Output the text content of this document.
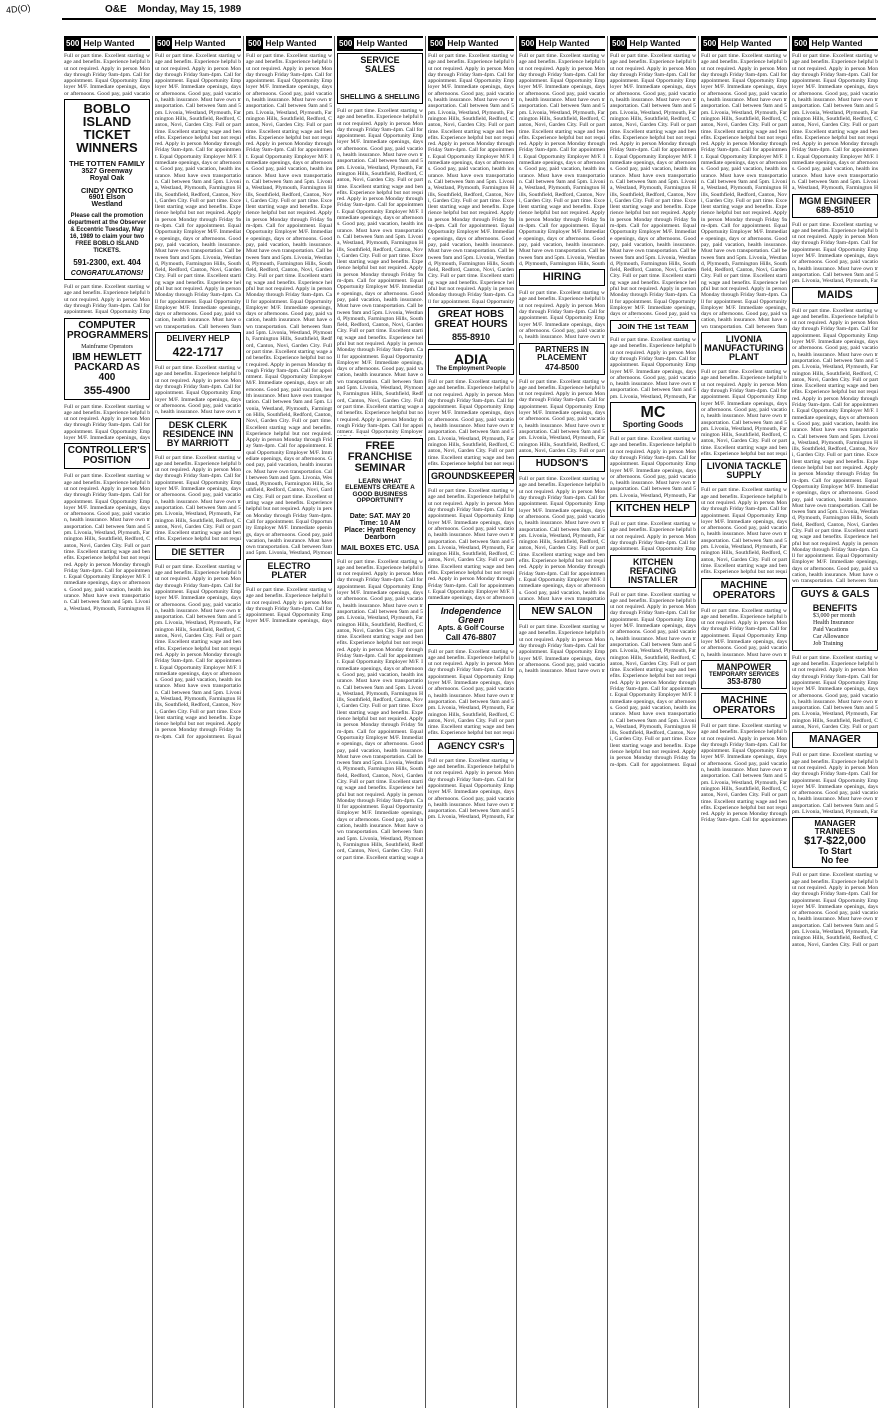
4D(O)	O&E Monday, May 15, 1989
500 Help Wanted
Full or part time. Excellent starting wage and benefits. Experience helpful but not required. Apply in person Monday through Friday 9am-4pm. Call for appointment. Equal Opportunity Employer M/F. Immediate openings, days or afternoons. Good pay, paid vacatio
BOBLO
ISLAND
TICKET
WINNERS
THE TOTTEN FAMILY
3527 Greenway
Royal Oak
CINDY ONTKO
6901 Elson
Westland
Please call the promotion department at the Observer & Eccentric Tuesday, May 16, 1989 to claim your two FREE BOBLO ISLAND TICKETS.
591-2300, ext. 404
CONGRATULATIONS!
Full or part time. Excellent starting wage and benefits. Experience helpful but not required. Apply in person Monday through Friday 9am-4pm. Call for appointment. Equal Opportunity Emp
COMPUTER PROGRAMMERS
Mainframe Operators
IBM HEWLETT PACKARD AS 400
355-4900
Full or part time. Excellent starting wage and benefits. Experience helpful but not required. Apply in person Monday through Friday 9am-4pm. Call for appointment. Equal Opportunity Employer M/F. Immediate openings, days
CONTROLLER'S POSITION
Full or part time. Excellent starting wage and benefits. Experience helpful but not required. Apply in person Monday through Friday 9am-4pm. Call for appointment. Equal Opportunity Employer M/F. Immediate openings, days or afternoons. Good pay, paid vacation, health insurance. Must have own transportation. Call between 9am and 5pm. Livonia, Westland, Plymouth, Farmington Hills, Southfield, Redford, Canton, Novi, Garden City. Full or part time. Excellent starting wage and benefits. Experience helpful but not required. Apply in person Monday through Friday 9am-4pm. Call for appointment. Equal Opportunity Employer M/F. Immediate openings, days or afternoons. Good pay, paid vacation, health insurance. Must have own transportation. Call between 9am and 5pm. Livonia, Westland, Plymouth, Farmington H
500 Help Wanted
Full or part time. Excellent starting wage and benefits. Experience helpful but not required. Apply in person Monday through Friday 9am-4pm. Call for appointment. Equal Opportunity Employer M/F. Immediate openings, days or afternoons. Good pay, paid vacation, health insurance. Must have own transportation. Call between 9am and 5pm. Livonia, Westland, Plymouth, Farmington Hills, Southfield, Redford, Canton, Novi, Garden City. Full or part time. Excellent starting wage and benefits. Experience helpful but not required. Apply in person Monday through Friday 9am-4pm. Call for appointment. Equal Opportunity Employer M/F. Immediate openings, days or afternoons. Good pay, paid vacation, health insurance. Must have own transportation. Call between 9am and 5pm. Livonia, Westland, Plymouth, Farmington Hills, Southfield, Redford, Canton, Novi, Garden City. Full or part time. Excellent starting wage and benefits. Experience helpful but not required. Apply in person Monday through Friday 9am-4pm. Call for appointment. Equal Opportunity Employer M/F. Immediate openings, days or afternoons. Good pay, paid vacation, health insurance. Must have own transportation. Call between 9am and 5pm. Livonia, Westland, Plymouth, Farmington Hills, Southfield, Redford, Canton, Novi, Garden City. Full or part time. Excellent starting wage and benefits. Experience helpful but not required. Apply in person Monday through Friday 9am-4pm. Call for appointment. Equal Opportunity Employer M/F. Immediate openings, days or afternoons. Good pay, paid vacation, health insurance. Must have own transportation. Call between 9am
DELIVERY HELP
422-1717
Full or part time. Excellent starting wage and benefits. Experience helpful but not required. Apply in person Monday through Friday 9am-4pm. Call for appointment. Equal Opportunity Employer M/F. Immediate openings, days or afternoons. Good pay, paid vacation, health insurance. Must have own tr
DESK CLERK RESIDENCE INN BY MARRIOTT
Full or part time. Excellent starting wage and benefits. Experience helpful but not required. Apply in person Monday through Friday 9am-4pm. Call for appointment. Equal Opportunity Employer M/F. Immediate openings, days or afternoons. Good pay, paid vacation, health insurance. Must have own transportation. Call between 9am and 5pm. Livonia, Westland, Plymouth, Farmington Hills, Southfield, Redford, Canton, Novi, Garden City. Full or part time. Excellent starting wage and benefits. Experience helpful but not requi
DIE SETTER
Full or part time. Excellent starting wage and benefits. Experience helpful but not required. Apply in person Monday through Friday 9am-4pm. Call for appointment. Equal Opportunity Employer M/F. Immediate openings, days or afternoons. Good pay, paid vacation, health insurance. Must have own transportation. Call between 9am and 5pm. Livonia, Westland, Plymouth, Farmington Hills, Southfield, Redford, Canton, Novi, Garden City. Full or part time. Excellent starting wage and benefits. Experience helpful but not required. Apply in person Monday through Friday 9am-4pm. Call for appointment. Equal Opportunity Employer M/F. Immediate openings, days or afternoons. Good pay, paid vacation, health insurance. Must have own transportation. Call between 9am and 5pm. Livonia, Westland, Plymouth, Farmington Hills, Southfield, Redford, Canton, Novi, Garden City. Full or part time. Excellent starting wage and benefits. Experience helpful but not required. Apply in person Monday through Friday 9am-4pm. Call for appointment. Equal
500 Help Wanted
Full or part time. Excellent starting wage and benefits. Experience helpful but not required. Apply in person Monday through Friday 9am-4pm. Call for appointment. Equal Opportunity Employer M/F. Immediate openings, days or afternoons. Good pay, paid vacation, health insurance. Must have own transportation. Call between 9am and 5pm. Livonia, Westland, Plymouth, Farmington Hills, Southfield, Redford, Canton, Novi, Garden City. Full or part time. Excellent starting wage and benefits. Experience helpful but not required. Apply in person Monday through Friday 9am-4pm. Call for appointment. Equal Opportunity Employer M/F. Immediate openings, days or afternoons. Good pay, paid vacation, health insurance. Must have own transportation. Call between 9am and 5pm. Livonia, Westland, Plymouth, Farmington Hills, Southfield, Redford, Canton, Novi, Garden City. Full or part time. Excellent starting wage and benefits. Experience helpful but not required. Apply in person Monday through Friday 9am-4pm. Call for appointment. Equal Opportunity Employer M/F. Immediate openings, days or afternoons. Good pay, paid vacation, health insurance. Must have own transportation. Call between 9am and 5pm. Livonia, Westland, Plymouth, Farmington Hills, Southfield, Redford, Canton, Novi, Garden City. Full or part time. Excellent starting wage and benefits. Experience helpful but not required. Apply in person Monday through Friday 9am-4pm. Call for appointment. Equal Opportunity Employer M/F. Immediate openings, days or afternoons. Good pay, paid vacation, health insurance. Must have own transportation. Call between 9am and 5pm. Livonia, Westland, Plymouth, Farmington Hills, Southfield, Redford, Canton, Novi, Garden City. Full or part time. Excellent starting wage and benefits. Experience helpful but not required. Apply in person Monday through Friday 9am-4pm. Call for appointment. Equal Opportunity Employer M/F. Immediate openings, days or afternoons. Good pay, paid vacation, health insurance. Must have own transportation. Call between 9am and 5pm. Livonia, Westland, Plymouth, Farmington Hills, Southfield, Redford, Canton, Novi, Garden City. Full or part time. Excellent starting wage and benefits. Experience helpful but not required. Apply in person Monday through Friday 9am-4pm. Call for appointment. Equal Opportunity Employer M/F. Immediate openings, days or afternoons. Good pay, paid vacation, health insurance. Must have own transportation. Call between 9am and 5pm. Livonia, Westland, Plymouth, Farmington Hills, Southfield, Redford, Canton, Novi, Garden City. Full or part time. Excellent starting wage and benefits. Experience helpful but not required. Apply in person Monday through Friday 9am-4pm. Call for appointment. Equal Opportunity Employer M/F. Immediate openings, days or afternoons. Good pay, paid vacation, health insurance. Must have own transportation. Call between 9am and 5pm. Livonia, Westland, Plymout
ELECTRO PLATER
Full or part time. Excellent starting wage and benefits. Experience helpful but not required. Apply in person Monday through Friday 9am-4pm. Call for appointment. Equal Opportunity Employer M/F. Immediate openings, days
500 Help Wanted
SERVICE
SALES
SHELLING & SHELLING
Full or part time. Excellent starting wage and benefits. Experience helpful but not required. Apply in person Monday through Friday 9am-4pm. Call for appointment. Equal Opportunity Employer M/F. Immediate openings, days or afternoons. Good pay, paid vacation, health insurance. Must have own transportation. Call between 9am and 5pm. Livonia, Westland, Plymouth, Farmington Hills, Southfield, Redford, Canton, Novi, Garden City. Full or part time. Excellent starting wage and benefits. Experience helpful but not required. Apply in person Monday through Friday 9am-4pm. Call for appointment. Equal Opportunity Employer M/F. Immediate openings, days or afternoons. Good pay, paid vacation, health insurance. Must have own transportation. Call between 9am and 5pm. Livonia, Westland, Plymouth, Farmington Hills, Southfield, Redford, Canton, Novi, Garden City. Full or part time. Excellent starting wage and benefits. Experience helpful but not required. Apply in person Monday through Friday 9am-4pm. Call for appointment. Equal Opportunity Employer M/F. Immediate openings, days or afternoons. Good pay, paid vacation, health insurance. Must have own transportation. Call between 9am and 5pm. Livonia, Westland, Plymouth, Farmington Hills, Southfield, Redford, Canton, Novi, Garden City. Full or part time. Excellent starting wage and benefits. Experience helpful but not required. Apply in person Monday through Friday 9am-4pm. Call for appointment. Equal Opportunity Employer M/F. Immediate openings, days or afternoons. Good pay, paid vacation, health insurance. Must have own transportation. Call between 9am and 5pm. Livonia, Westland, Plymouth, Farmington Hills, Southfield, Redford, Canton, Novi, Garden City. Full or part time. Excellent starting wage and benefits. Experience helpful but not required. Apply in person Monday through Friday 9am-4pm. Call for appointment. Equal Opportunity Employer
FREE
FRANCHISE
SEMINAR
LEARN WHAT ELEMENTS CREATE A GOOD BUSINESS OPPORTUNITY
Date: SAT. MAY 20
Time: 10 AM
Place: Hyatt Regency Dearborn
MAIL BOXES ETC. USA
Full or part time. Excellent starting wage and benefits. Experience helpful but not required. Apply in person Monday through Friday 9am-4pm. Call for appointment. Equal Opportunity Employer M/F. Immediate openings, days or afternoons. Good pay, paid vacation, health insurance. Must have own transportation. Call between 9am and 5pm. Livonia, Westland, Plymouth, Farmington Hills, Southfield, Redford, Canton, Novi, Garden City. Full or part time. Excellent starting wage and benefits. Experience helpful but not required. Apply in person Monday through Friday 9am-4pm. Call for appointment. Equal Opportunity Employer M/F. Immediate openings, days or afternoons. Good pay, paid vacation, health insurance. Must have own transportation. Call between 9am and 5pm. Livonia, Westland, Plymouth, Farmington Hills, Southfield, Redford, Canton, Novi, Garden City. Full or part time. Excellent starting wage and benefits. Experience helpful but not required. Apply in person Monday through Friday 9am-4pm. Call for appointment. Equal Opportunity Employer M/F. Immediate openings, days or afternoons. Good pay, paid vacation, health insurance. Must have own transportation. Call between 9am and 5pm. Livonia, Westland, Plymouth, Farmington Hills, Southfield, Redford, Canton, Novi, Garden City. Full or part time. Excellent starting wage and benefits. Experience helpful but not required. Apply in person Monday through Friday 9am-4pm. Call for appointment. Equal Opportunity Employer M/F. Immediate openings, days or afternoons. Good pay, paid vacation, health insurance. Must have own transportation. Call between 9am and 5pm. Livonia, Westland, Plymouth, Farmington Hills, Southfield, Redford, Canton, Novi, Garden City. Full or part time. Excellent starting wage a
500 Help Wanted
Full or part time. Excellent starting wage and benefits. Experience helpful but not required. Apply in person Monday through Friday 9am-4pm. Call for appointment. Equal Opportunity Employer M/F. Immediate openings, days or afternoons. Good pay, paid vacation, health insurance. Must have own transportation. Call between 9am and 5pm. Livonia, Westland, Plymouth, Farmington Hills, Southfield, Redford, Canton, Novi, Garden City. Full or part time. Excellent starting wage and benefits. Experience helpful but not required. Apply in person Monday through Friday 9am-4pm. Call for appointment. Equal Opportunity Employer M/F. Immediate openings, days or afternoons. Good pay, paid vacation, health insurance. Must have own transportation. Call between 9am and 5pm. Livonia, Westland, Plymouth, Farmington Hills, Southfield, Redford, Canton, Novi, Garden City. Full or part time. Excellent starting wage and benefits. Experience helpful but not required. Apply in person Monday through Friday 9am-4pm. Call for appointment. Equal Opportunity Employer M/F. Immediate openings, days or afternoons. Good pay, paid vacation, health insurance. Must have own transportation. Call between 9am and 5pm. Livonia, Westland, Plymouth, Farmington Hills, Southfield, Redford, Canton, Novi, Garden City. Full or part time. Excellent starting wage and benefits. Experience helpful but not required. Apply in person Monday through Friday 9am-4pm. Call for appointment. Equal Opportunity
GREAT HOBS GREAT HOURS
855-8910
ADIA
The Employment People
Full or part time. Excellent starting wage and benefits. Experience helpful but not required. Apply in person Monday through Friday 9am-4pm. Call for appointment. Equal Opportunity Employer M/F. Immediate openings, days or afternoons. Good pay, paid vacation, health insurance. Must have own transportation. Call between 9am and 5pm. Livonia, Westland, Plymouth, Farmington Hills, Southfield, Redford, Canton, Novi, Garden City. Full or part time. Excellent starting wage and benefits. Experience helpful but not requi
GROUNDSKEEPER
Full or part time. Excellent starting wage and benefits. Experience helpful but not required. Apply in person Monday through Friday 9am-4pm. Call for appointment. Equal Opportunity Employer M/F. Immediate openings, days or afternoons. Good pay, paid vacation, health insurance. Must have own transportation. Call between 9am and 5pm. Livonia, Westland, Plymouth, Farmington Hills, Southfield, Redford, Canton, Novi, Garden City. Full or part time. Excellent starting wage and benefits. Experience helpful but not required. Apply in person Monday through Friday 9am-4pm. Call for appointment. Equal Opportunity Employer M/F. Immediate openings, days or afternoon
Independence Green
Apts. & Golf Course
Call 476-8807
Full or part time. Excellent starting wage and benefits. Experience helpful but not required. Apply in person Monday through Friday 9am-4pm. Call for appointment. Equal Opportunity Employer M/F. Immediate openings, days or afternoons. Good pay, paid vacation, health insurance. Must have own transportation. Call between 9am and 5pm. Livonia, Westland, Plymouth, Farmington Hills, Southfield, Redford, Canton, Novi, Garden City. Full or part time. Excellent starting wage and benefits. Experience helpful but not requi
AGENCY CSR's
Full or part time. Excellent starting wage and benefits. Experience helpful but not required. Apply in person Monday through Friday 9am-4pm. Call for appointment. Equal Opportunity Employer M/F. Immediate openings, days or afternoons. Good pay, paid vacation, health insurance. Must have own transportation. Call between 9am and 5pm. Livonia, Westland, Plymouth, Far
500 Help Wanted
Full or part time. Excellent starting wage and benefits. Experience helpful but not required. Apply in person Monday through Friday 9am-4pm. Call for appointment. Equal Opportunity Employer M/F. Immediate openings, days or afternoons. Good pay, paid vacation, health insurance. Must have own transportation. Call between 9am and 5pm. Livonia, Westland, Plymouth, Farmington Hills, Southfield, Redford, Canton, Novi, Garden City. Full or part time. Excellent starting wage and benefits. Experience helpful but not required. Apply in person Monday through Friday 9am-4pm. Call for appointment. Equal Opportunity Employer M/F. Immediate openings, days or afternoons. Good pay, paid vacation, health insurance. Must have own transportation. Call between 9am and 5pm. Livonia, Westland, Plymouth, Farmington Hills, Southfield, Redford, Canton, Novi, Garden City. Full or part time. Excellent starting wage and benefits. Experience helpful but not required. Apply in person Monday through Friday 9am-4pm. Call for appointment. Equal Opportunity Employer M/F. Immediate openings, days or afternoons. Good pay, paid vacation, health insurance. Must have own transportation. Call between 9am and 5pm. Livonia, Westland, Plymouth, Farmington Hills, South
HIRING
Full or part time. Excellent starting wage and benefits. Experience helpful but not required. Apply in person Monday through Friday 9am-4pm. Call for appointment. Equal Opportunity Employer M/F. Immediate openings, days or afternoons. Good pay, paid vacation, health insurance. Must have own tr
PARTNERS IN PLACEMENT
474-8500
Full or part time. Excellent starting wage and benefits. Experience helpful but not required. Apply in person Monday through Friday 9am-4pm. Call for appointment. Equal Opportunity Employer M/F. Immediate openings, days or afternoons. Good pay, paid vacation, health insurance. Must have own transportation. Call between 9am and 5pm. Livonia, Westland, Plymouth, Farmington Hills, Southfield, Redford, Canton, Novi, Garden City. Full or part
HUDSON'S
Full or part time. Excellent starting wage and benefits. Experience helpful but not required. Apply in person Monday through Friday 9am-4pm. Call for appointment. Equal Opportunity Employer M/F. Immediate openings, days or afternoons. Good pay, paid vacation, health insurance. Must have own transportation. Call between 9am and 5pm. Livonia, Westland, Plymouth, Farmington Hills, Southfield, Redford, Canton, Novi, Garden City. Full or part time. Excellent starting wage and benefits. Experience helpful but not required. Apply in person Monday through Friday 9am-4pm. Call for appointment. Equal Opportunity Employer M/F. Immediate openings, days or afternoons. Good pay, paid vacation, health insurance. Must have own transportatio
NEW SALON
Full or part time. Excellent starting wage and benefits. Experience helpful but not required. Apply in person Monday through Friday 9am-4pm. Call for appointment. Equal Opportunity Employer M/F. Immediate openings, days or afternoons. Good pay, paid vacation, health insurance. Must have own tr
500 Help Wanted
Full or part time. Excellent starting wage and benefits. Experience helpful but not required. Apply in person Monday through Friday 9am-4pm. Call for appointment. Equal Opportunity Employer M/F. Immediate openings, days or afternoons. Good pay, paid vacation, health insurance. Must have own transportation. Call between 9am and 5pm. Livonia, Westland, Plymouth, Farmington Hills, Southfield, Redford, Canton, Novi, Garden City. Full or part time. Excellent starting wage and benefits. Experience helpful but not required. Apply in person Monday through Friday 9am-4pm. Call for appointment. Equal Opportunity Employer M/F. Immediate openings, days or afternoons. Good pay, paid vacation, health insurance. Must have own transportation. Call between 9am and 5pm. Livonia, Westland, Plymouth, Farmington Hills, Southfield, Redford, Canton, Novi, Garden City. Full or part time. Excellent starting wage and benefits. Experience helpful but not required. Apply in person Monday through Friday 9am-4pm. Call for appointment. Equal Opportunity Employer M/F. Immediate openings, days or afternoons. Good pay, paid vacation, health insurance. Must have own transportation. Call between 9am and 5pm. Livonia, Westland, Plymouth, Farmington Hills, Southfield, Redford, Canton, Novi, Garden City. Full or part time. Excellent starting wage and benefits. Experience helpful but not required. Apply in person Monday through Friday 9am-4pm. Call for appointment. Equal Opportunity Employer M/F. Immediate openings, days or afternoons. Good pay, paid va
JOIN THE 1st TEAM
Full or part time. Excellent starting wage and benefits. Experience helpful but not required. Apply in person Monday through Friday 9am-4pm. Call for appointment. Equal Opportunity Employer M/F. Immediate openings, days or afternoons. Good pay, paid vacation, health insurance. Must have own transportation. Call between 9am and 5pm. Livonia, Westland, Plymouth, Far
MC
Sporting Goods
Full or part time. Excellent starting wage and benefits. Experience helpful but not required. Apply in person Monday through Friday 9am-4pm. Call for appointment. Equal Opportunity Employer M/F. Immediate openings, days or afternoons. Good pay, paid vacation, health insurance. Must have own transportation. Call between 9am and 5pm. Livonia, Westland, Plymouth, Far
KITCHEN HELP
Full or part time. Excellent starting wage and benefits. Experience helpful but not required. Apply in person Monday through Friday 9am-4pm. Call for appointment. Equal Opportunity Emp
KITCHEN REFACING INSTALLER
Full or part time. Excellent starting wage and benefits. Experience helpful but not required. Apply in person Monday through Friday 9am-4pm. Call for appointment. Equal Opportunity Employer M/F. Immediate openings, days or afternoons. Good pay, paid vacation, health insurance. Must have own transportation. Call between 9am and 5pm. Livonia, Westland, Plymouth, Farmington Hills, Southfield, Redford, Canton, Novi, Garden City. Full or part time. Excellent starting wage and benefits. Experience helpful but not required. Apply in person Monday through Friday 9am-4pm. Call for appointment. Equal Opportunity Employer M/F. Immediate openings, days or afternoons. Good pay, paid vacation, health insurance. Must have own transportation. Call between 9am and 5pm. Livonia, Westland, Plymouth, Farmington Hills, Southfield, Redford, Canton, Novi, Garden City. Full or part time. Excellent starting wage and benefits. Experience helpful but not required. Apply in person Monday through Friday 9am-4pm. Call for appointment. Equal
500 Help Wanted
Full or part time. Excellent starting wage and benefits. Experience helpful but not required. Apply in person Monday through Friday 9am-4pm. Call for appointment. Equal Opportunity Employer M/F. Immediate openings, days or afternoons. Good pay, paid vacation, health insurance. Must have own transportation. Call between 9am and 5pm. Livonia, Westland, Plymouth, Farmington Hills, Southfield, Redford, Canton, Novi, Garden City. Full or part time. Excellent starting wage and benefits. Experience helpful but not required. Apply in person Monday through Friday 9am-4pm. Call for appointment. Equal Opportunity Employer M/F. Immediate openings, days or afternoons. Good pay, paid vacation, health insurance. Must have own transportation. Call between 9am and 5pm. Livonia, Westland, Plymouth, Farmington Hills, Southfield, Redford, Canton, Novi, Garden City. Full or part time. Excellent starting wage and benefits. Experience helpful but not required. Apply in person Monday through Friday 9am-4pm. Call for appointment. Equal Opportunity Employer M/F. Immediate openings, days or afternoons. Good pay, paid vacation, health insurance. Must have own transportation. Call between 9am and 5pm. Livonia, Westland, Plymouth, Farmington Hills, Southfield, Redford, Canton, Novi, Garden City. Full or part time. Excellent starting wage and benefits. Experience helpful but not required. Apply in person Monday through Friday 9am-4pm. Call for appointment. Equal Opportunity Employer M/F. Immediate openings, days or afternoons. Good pay, paid vacation, health insurance. Must have own transportation. Call between 9am
LIVONIA MANUFACTURING PLANT
Full or part time. Excellent starting wage and benefits. Experience helpful but not required. Apply in person Monday through Friday 9am-4pm. Call for appointment. Equal Opportunity Employer M/F. Immediate openings, days or afternoons. Good pay, paid vacation, health insurance. Must have own transportation. Call between 9am and 5pm. Livonia, Westland, Plymouth, Farmington Hills, Southfield, Redford, Canton, Novi, Garden City. Full or part time. Excellent starting wage and benefits. Experience helpful but not requi
LIVONIA TACKLE SUPPLY
Full or part time. Excellent starting wage and benefits. Experience helpful but not required. Apply in person Monday through Friday 9am-4pm. Call for appointment. Equal Opportunity Employer M/F. Immediate openings, days or afternoons. Good pay, paid vacation, health insurance. Must have own transportation. Call between 9am and 5pm. Livonia, Westland, Plymouth, Farmington Hills, Southfield, Redford, Canton, Novi, Garden City. Full or part time. Excellent starting wage and benefits. Experience helpful but not requi
MACHINE OPERATORS
Full or part time. Excellent starting wage and benefits. Experience helpful but not required. Apply in person Monday through Friday 9am-4pm. Call for appointment. Equal Opportunity Employer M/F. Immediate openings, days or afternoons. Good pay, paid vacation, health insurance. Must have own tr
MANPOWER
TEMPORARY SERVICES
353-8780
MACHINE OPERATORS
Full or part time. Excellent starting wage and benefits. Experience helpful but not required. Apply in person Monday through Friday 9am-4pm. Call for appointment. Equal Opportunity Employer M/F. Immediate openings, days or afternoons. Good pay, paid vacation, health insurance. Must have own transportation. Call between 9am and 5pm. Livonia, Westland, Plymouth, Farmington Hills, Southfield, Redford, Canton, Novi, Garden City. Full or part time. Excellent starting wage and benefits. Experience helpful but not required. Apply in person Monday through Friday 9am-4pm. Call for appointmen
500 Help Wanted
Full or part time. Excellent starting wage and benefits. Experience helpful but not required. Apply in person Monday through Friday 9am-4pm. Call for appointment. Equal Opportunity Employer M/F. Immediate openings, days or afternoons. Good pay, paid vacation, health insurance. Must have own transportation. Call between 9am and 5pm. Livonia, Westland, Plymouth, Farmington Hills, Southfield, Redford, Canton, Novi, Garden City. Full or part time. Excellent starting wage and benefits. Experience helpful but not required. Apply in person Monday through Friday 9am-4pm. Call for appointment. Equal Opportunity Employer M/F. Immediate openings, days or afternoons. Good pay, paid vacation, health insurance. Must have own transportation. Call between 9am and 5pm. Livonia, Westland, Plymouth, Farmington H
MGM ENGINEER
689-8510
Full or part time. Excellent starting wage and benefits. Experience helpful but not required. Apply in person Monday through Friday 9am-4pm. Call for appointment. Equal Opportunity Employer M/F. Immediate openings, days or afternoons. Good pay, paid vacation, health insurance. Must have own transportation. Call between 9am and 5pm. Livonia, Westland, Plymouth, Far
MAIDS
Full or part time. Excellent starting wage and benefits. Experience helpful but not required. Apply in person Monday through Friday 9am-4pm. Call for appointment. Equal Opportunity Employer M/F. Immediate openings, days or afternoons. Good pay, paid vacation, health insurance. Must have own transportation. Call between 9am and 5pm. Livonia, Westland, Plymouth, Farmington Hills, Southfield, Redford, Canton, Novi, Garden City. Full or part time. Excellent starting wage and benefits. Experience helpful but not required. Apply in person Monday through Friday 9am-4pm. Call for appointment. Equal Opportunity Employer M/F. Immediate openings, days or afternoons. Good pay, paid vacation, health insurance. Must have own transportation. Call between 9am and 5pm. Livonia, Westland, Plymouth, Farmington Hills, Southfield, Redford, Canton, Novi, Garden City. Full or part time. Excellent starting wage and benefits. Experience helpful but not required. Apply in person Monday through Friday 9am-4pm. Call for appointment. Equal Opportunity Employer M/F. Immediate openings, days or afternoons. Good pay, paid vacation, health insurance. Must have own transportation. Call between 9am and 5pm. Livonia, Westland, Plymouth, Farmington Hills, Southfield, Redford, Canton, Novi, Garden City. Full or part time. Excellent starting wage and benefits. Experience helpful but not required. Apply in person Monday through Friday 9am-4pm. Call for appointment. Equal Opportunity Employer M/F. Immediate openings, days or afternoons. Good pay, paid vacation, health insurance. Must have own transportation. Call between 9am
GUYS & GALS
BENEFITS
$3,000 per month
Health Insurance
Paid Vacations
Car Allowance
Job Training
Full or part time. Excellent starting wage and benefits. Experience helpful but not required. Apply in person Monday through Friday 9am-4pm. Call for appointment. Equal Opportunity Employer M/F. Immediate openings, days or afternoons. Good pay, paid vacation, health insurance. Must have own transportation. Call between 9am and 5pm. Livonia, Westland, Plymouth, Farmington Hills, Southfield, Redford, Canton, Novi, Garden City. Full or part
MANAGER
Full or part time. Excellent starting wage and benefits. Experience helpful but not required. Apply in person Monday through Friday 9am-4pm. Call for appointment. Equal Opportunity Employer M/F. Immediate openings, days or afternoons. Good pay, paid vacation, health insurance. Must have own transportation. Call between 9am and 5pm. Livonia, Westland, Plymouth, Far
MANAGER TRAINEES
$17-$22,000
To Start
No fee
Full or part time. Excellent starting wage and benefits. Experience helpful but not required. Apply in person Monday through Friday 9am-4pm. Call for appointment. Equal Opportunity Employer M/F. Immediate openings, days or afternoons. Good pay, paid vacation, health insurance. Must have own transportation. Call between 9am and 5pm. Livonia, Westland, Plymouth, Farmington Hills, Southfield, Redford, Canton, Novi, Garden City. Full or part
